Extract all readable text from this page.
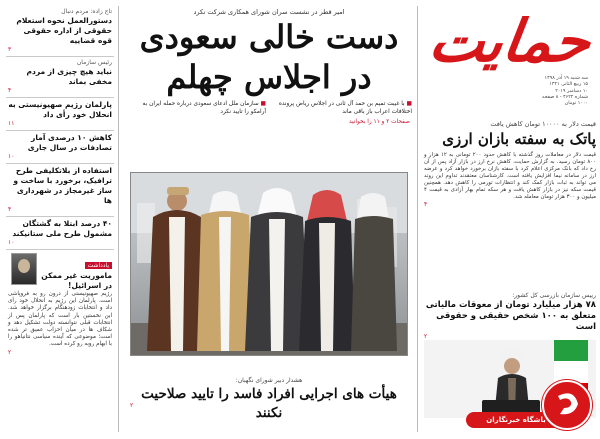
تاج زاده: مردم دنبال
دستورالعمل نحوه استعلام حقوقی از اداره حقوقی قوه قضاییه
۳
رئیس سازمان
نباید هیچ چیزی از مردم مخفی بماند
۴
پارلمان رژیم صهیونیستی به انحلال خود رأی داد
۱۱
کاهش ۱۰ درصدی آمار تصادفات در سال جاری
۱۰
استفاده از بلاتکلیفی طرح ترافیک، برخورد با ساخت و ساز غیرمجاز در شهرداری ها
۴
۴۰ درصد ابتلا به گشتگان مشمول طرح ملی ستانیکند
۱۰
یادداشت
ماموریت غیر ممکن در اسرائیل!

رژیم صهیونیستی از درون رو به فروپاشی است. پارلمان این رژیم به انحلال خود رأی داد و انتخابات زودهنگام برگزار خواهد شد. این نخستین بار است که پارلمان پس از انتخابات قبلی نتوانسته دولت تشکیل دهد و شکاف ها در میان احزاب عمیق تر شده است؛ موضوعی که آینده سیاسی نتانیاهو را با ابهام روبه رو کرده است.

۲
امیر قطر در نشست سران شورای همکاری شرکت نکرد
دست خالی سعودی
در اجلاس چهلم
■ با غیبت تمیم بن حمد آل ثانی در اجلاس ریاض پرونده اختلافات اعراب باز باقی ماند
■ سازمان ملل ادعای سعودی درباره حمله ایران به آرامکو را تایید نکرد
صفحات ۲ و ۱۱ را بخوانید
هشدار دبیر شورای نگهبان:
هیأت های اجرایی افراد فاسد را تایید صلاحیت نکنند
۲
حمایت
سه شنبه ۱۹ آذر ۱۳۹۸
۱۵ ربیع الثانی ۱۴۴۱
۱۰ دسامبر ۲۰۱۹
شماره ۴۶۲۲ - ۸ صفحه
۱۰۰۰ تومان
قیمت دلار به ۱۰۰۰۰ تومان کاهش یافت
پاتک به سفته بازان ارزی

قیمت دلار در معاملات روز گذشته با کاهش حدود ۲۰۰ تومانی به ۱۲ هزار و ۸۰۰ تومان رسید. به گزارش حمایت، کاهش نرخ ارز در بازار آزاد پس از آن رخ داد که بانک مرکزی اعلام کرد با سفته بازان برخورد خواهد کرد و عرضه ارز در سامانه نیما افزایش یافته است. کارشناسان معتقدند تداوم این روند می تواند به ثبات بازار کمک کند و انتظارات تورمی را کاهش دهد. همچنین قیمت سکه نیز در بازار کاهش یافت و هر سکه تمام بهار آزادی به قیمت ۴ میلیون و ۳۰۰ هزار تومان معامله شد.

۴
رییس سازمان بازرسی کل کشور:
۷۸ هزار میلیارد تومان از معوقات مالیاتی متعلق به ۱۰۰ شخص حقیقی و حقوقی است
۲
باشگاه خبرنگاران
